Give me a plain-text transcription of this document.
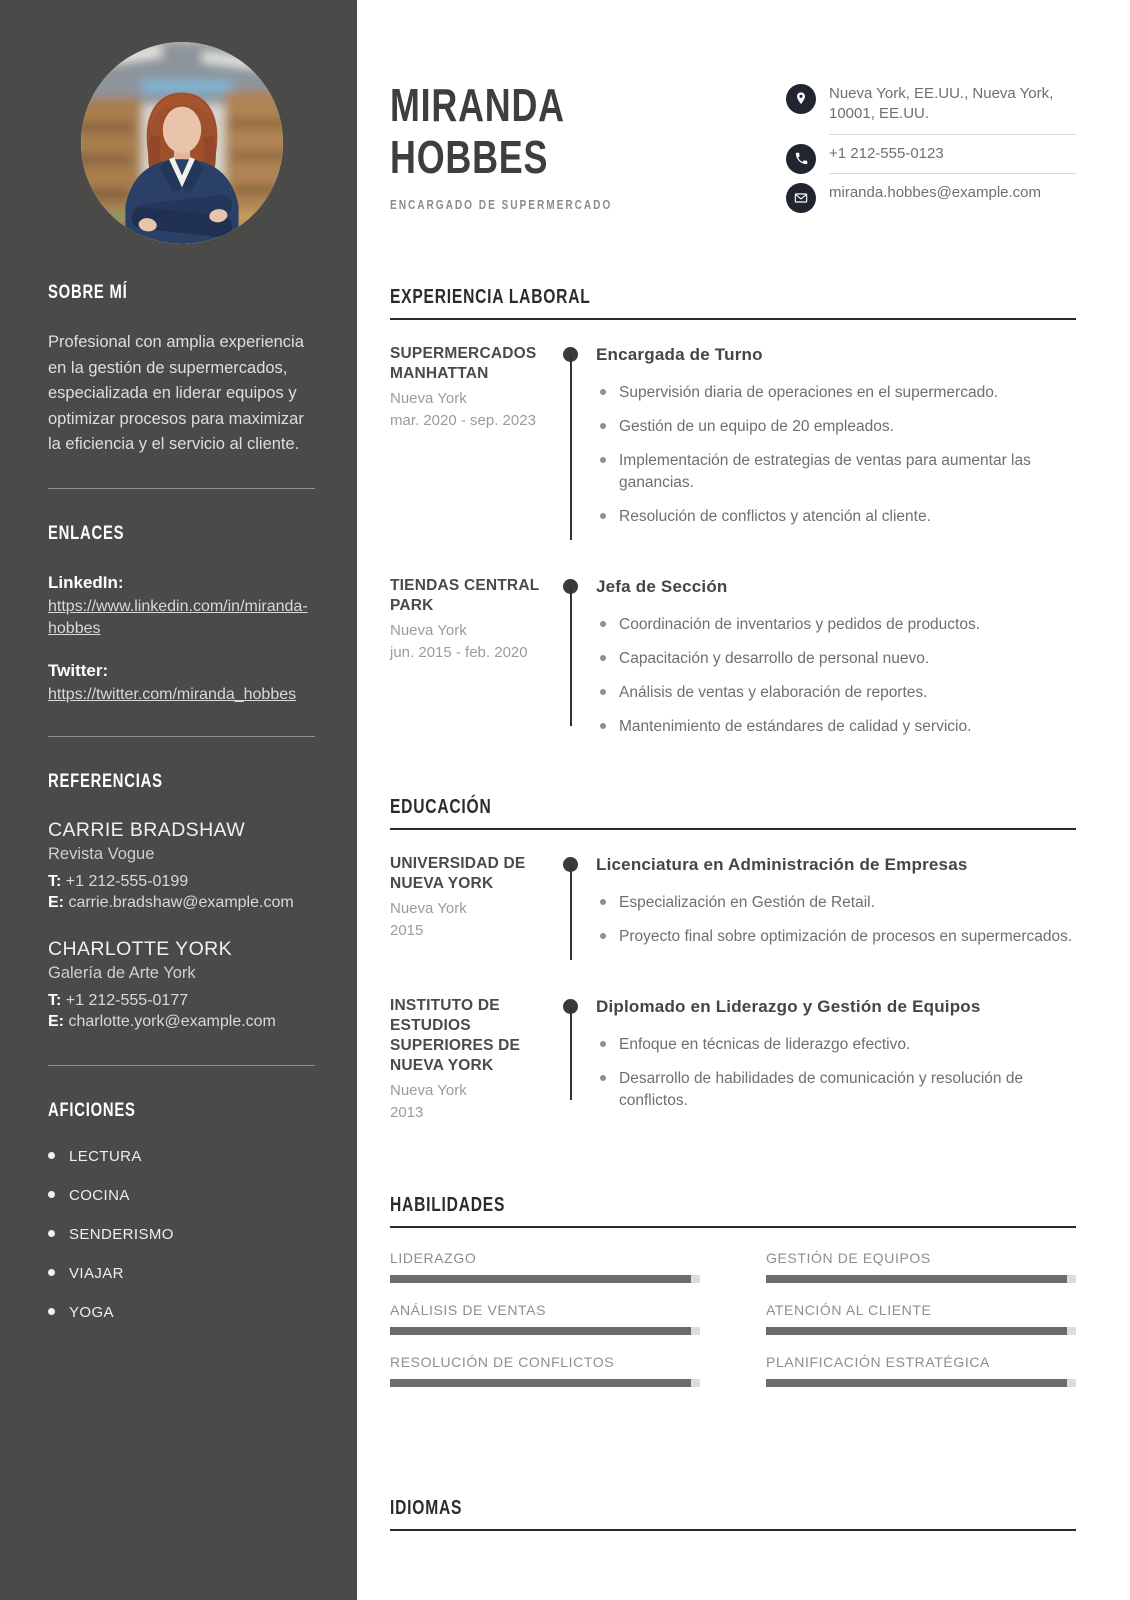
SOBRE MÍ

Profesional con amplia experiencia en la gestión de supermercados, especializada en liderar equipos y optimizar procesos para maximizar la eficiencia y el servicio al cliente.

ENLACES
LinkedIn:
https://www.linkedin.com/in/miranda-hobbes
Twitter:
https://twitter.com/miranda_hobbes
REFERENCIAS
CARRIE BRADSHAW
Revista Vogue
T: +1 212-555-0199
E: carrie.bradshaw@example.com
CHARLOTTE YORK
Galería de Arte York
T: +1 212-555-0177
E: charlotte.york@example.com
AFICIONES
LECTURA
COCINA
SENDERISMO
VIAJAR
YOGA
MIRANDA
HOBBES
ENCARGADO DE SUPERMERCADO
Nueva York, EE.UU., Nueva York, 10001, EE.UU.
+1 212-555-0123
miranda.hobbes@example.com
EXPERIENCIA LABORAL
SUPERMERCADOS MANHATTAN
Nueva York
mar. 2020 - sep. 2023
Encargada de Turno
Supervisión diaria de operaciones en el supermercado.
Gestión de un equipo de 20 empleados.
Implementación de estrategias de ventas para aumentar las ganancias.
Resolución de conflictos y atención al cliente.
TIENDAS CENTRAL PARK
Nueva York
jun. 2015 - feb. 2020
Jefa de Sección
Coordinación de inventarios y pedidos de productos.
Capacitación y desarrollo de personal nuevo.
Análisis de ventas y elaboración de reportes.
Mantenimiento de estándares de calidad y servicio.
EDUCACIÓN
UNIVERSIDAD DE NUEVA YORK
Nueva York
2015
Licenciatura en Administración de Empresas
Especialización en Gestión de Retail.
Proyecto final sobre optimización de procesos en supermercados.
INSTITUTO DE ESTUDIOS SUPERIORES DE NUEVA YORK
Nueva York
2013
Diplomado en Liderazgo y Gestión de Equipos
Enfoque en técnicas de liderazgo efectivo.
Desarrollo de habilidades de comunicación y resolución de conflictos.
HABILIDADES
LIDERAZGO	GESTIÓN DE EQUIPOS
ANÁLISIS DE VENTAS	ATENCIÓN AL CLIENTE
RESOLUCIÓN DE CONFLICTOS	PLANIFICACIÓN ESTRATÉGICA
IDIOMAS
